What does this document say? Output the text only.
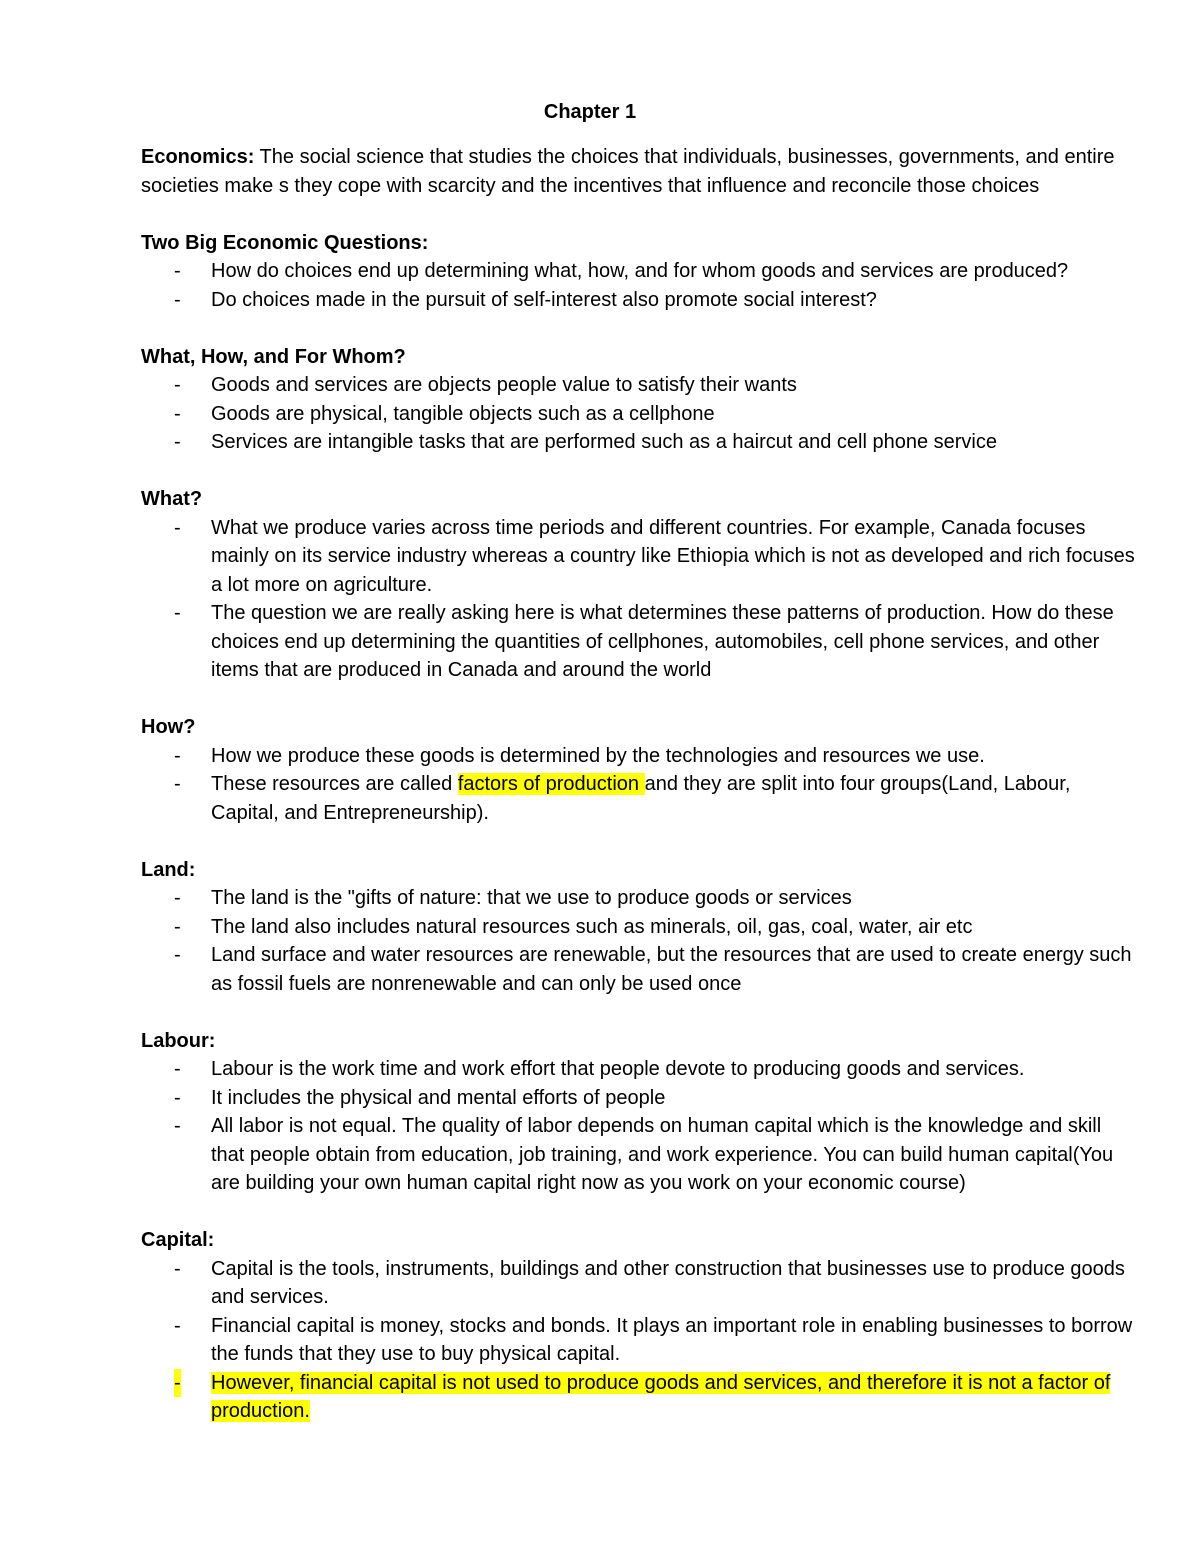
Chapter 1

Economics: The social science that studies the choices that individuals, businesses, governments, and entire societies make s they cope with scarcity and the incentives that influence and reconcile those choices

Two Big Economic Questions:

- How do choices end up determining what, how, and for whom goods and services are produced?
- Do choices made in the pursuit of self-interest also promote social interest?

What, How, and For Whom?

- Goods and services are objects people value to satisfy their wants
- Goods are physical, tangible objects such as a cellphone
- Services are intangible tasks that are performed such as a haircut and cell phone service

What?

- What we produce varies across time periods and different countries. For example, Canada focuses mainly on its service industry whereas a country like Ethiopia which is not as developed and rich focuses a lot more on agriculture.
- The question we are really asking here is what determines these patterns of production. How do these choices end up determining the quantities of cellphones, automobiles, cell phone services, and other items that are produced in Canada and around the world

How?

- How we produce these goods is determined by the technologies and resources we use.
- These resources are called factors of production and they are split into four groups(Land, Labour, Capital, and Entrepreneurship).

Land:

- The land is the "gifts of nature: that we use to produce goods or services
- The land also includes natural resources such as minerals, oil, gas, coal, water, air etc
- Land surface and water resources are renewable, but the resources that are used to create energy such as fossil fuels are nonrenewable and can only be used once

Labour:

- Labour is the work time and work effort that people devote to producing goods and services.
- It includes the physical and mental efforts of people
- All labor is not equal. The quality of labor depends on human capital which is the knowledge and skill that people obtain from education, job training, and work experience. You can build human capital(You are building your own human capital right now as you work on your economic course)

Capital:

- Capital is the tools, instruments, buildings and other construction that businesses use to produce goods and services.
- Financial capital is money, stocks and bonds. It plays an important role in enabling businesses to borrow the funds that they use to buy physical capital.
- However, financial capital is not used to produce goods and services, and therefore it is not a factor of production.
